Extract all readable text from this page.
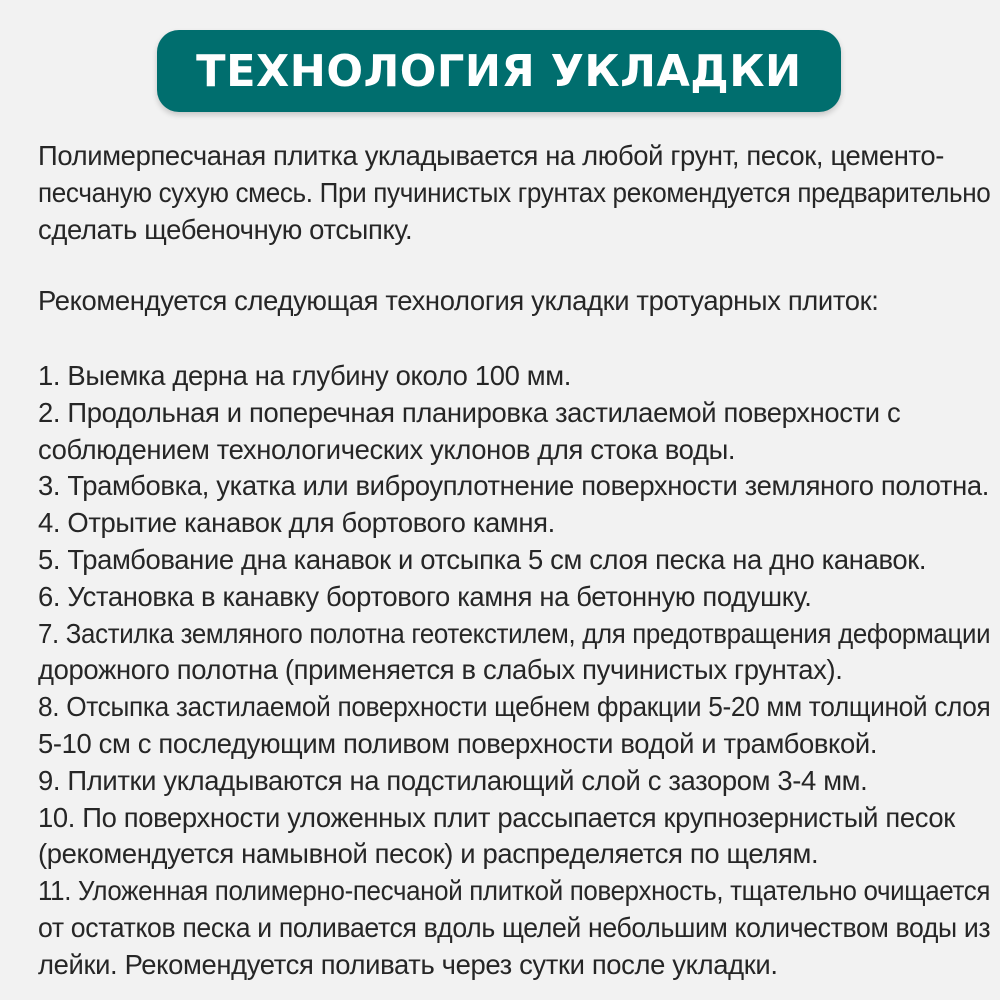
ТЕХНОЛОГИЯ УКЛАДКИ
Полимерпесчаная плитка укладывается на любой грунт, песок, цементо-
песчаную сухую смесь. При пучинистых грунтах рекомендуется предварительно
сделать щебеночную отсыпку.
Рекомендуется следующая технология укладки тротуарных плиток:
1. Выемка дерна на глубину около 100 мм.
2. Продольная и поперечная планировка застилаемой поверхности с
соблюдением технологических уклонов для стока воды.
3. Трамбовка, укатка или виброуплотнение поверхности земляного полотна.
4. Отрытие канавок для бортового камня.
5. Трамбование дна канавок и отсыпка 5 см слоя песка на дно канавок.
6. Установка в канавку бортового камня на бетонную подушку.
7. Застилка земляного полотна геотекстилем, для предотвращения деформации
дорожного полотна (применяется в слабых пучинистых грунтах).
8. Отсыпка застилаемой поверхности щебнем фракции 5-20 мм толщиной слоя
5-10 см с последующим поливом поверхности водой и трамбовкой.
9. Плитки укладываются на подстилающий слой с зазором 3-4 мм.
10. По поверхности уложенных плит рассыпается крупнозернистый песок
(рекомендуется намывной песок) и распределяется по щелям.
11. Уложенная полимерно-песчаной плиткой поверхность, тщательно очищается
от остатков песка и поливается вдоль щелей небольшим количеством воды из
лейки. Рекомендуется поливать через сутки после укладки.
